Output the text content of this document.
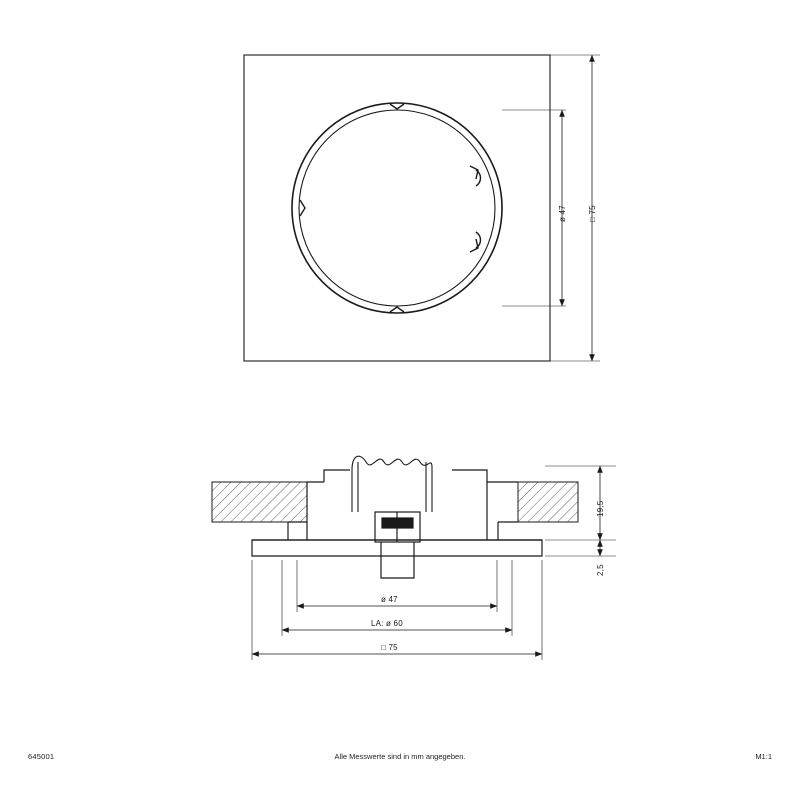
ø 47	□ 75
19,5
2,5
ø 47
LA: ø 60
□ 75
645001	Alle Messwerte sind in mm angegeben.	M1:1
